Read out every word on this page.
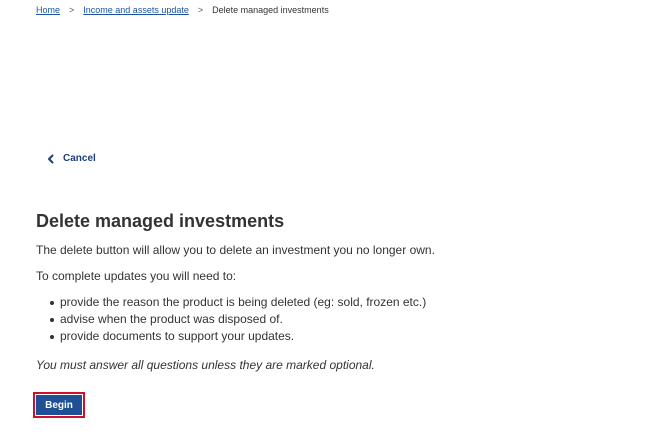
Home > Income and assets update > Delete managed investments
Cancel
Delete managed investments

The delete button will allow you to delete an investment you no longer own.

To complete updates you will need to:

provide the reason the product is being deleted (eg: sold, frozen etc.)
advise when the product was disposed of.
provide documents to support your updates.

You must answer all questions unless they are marked optional.

Begin
